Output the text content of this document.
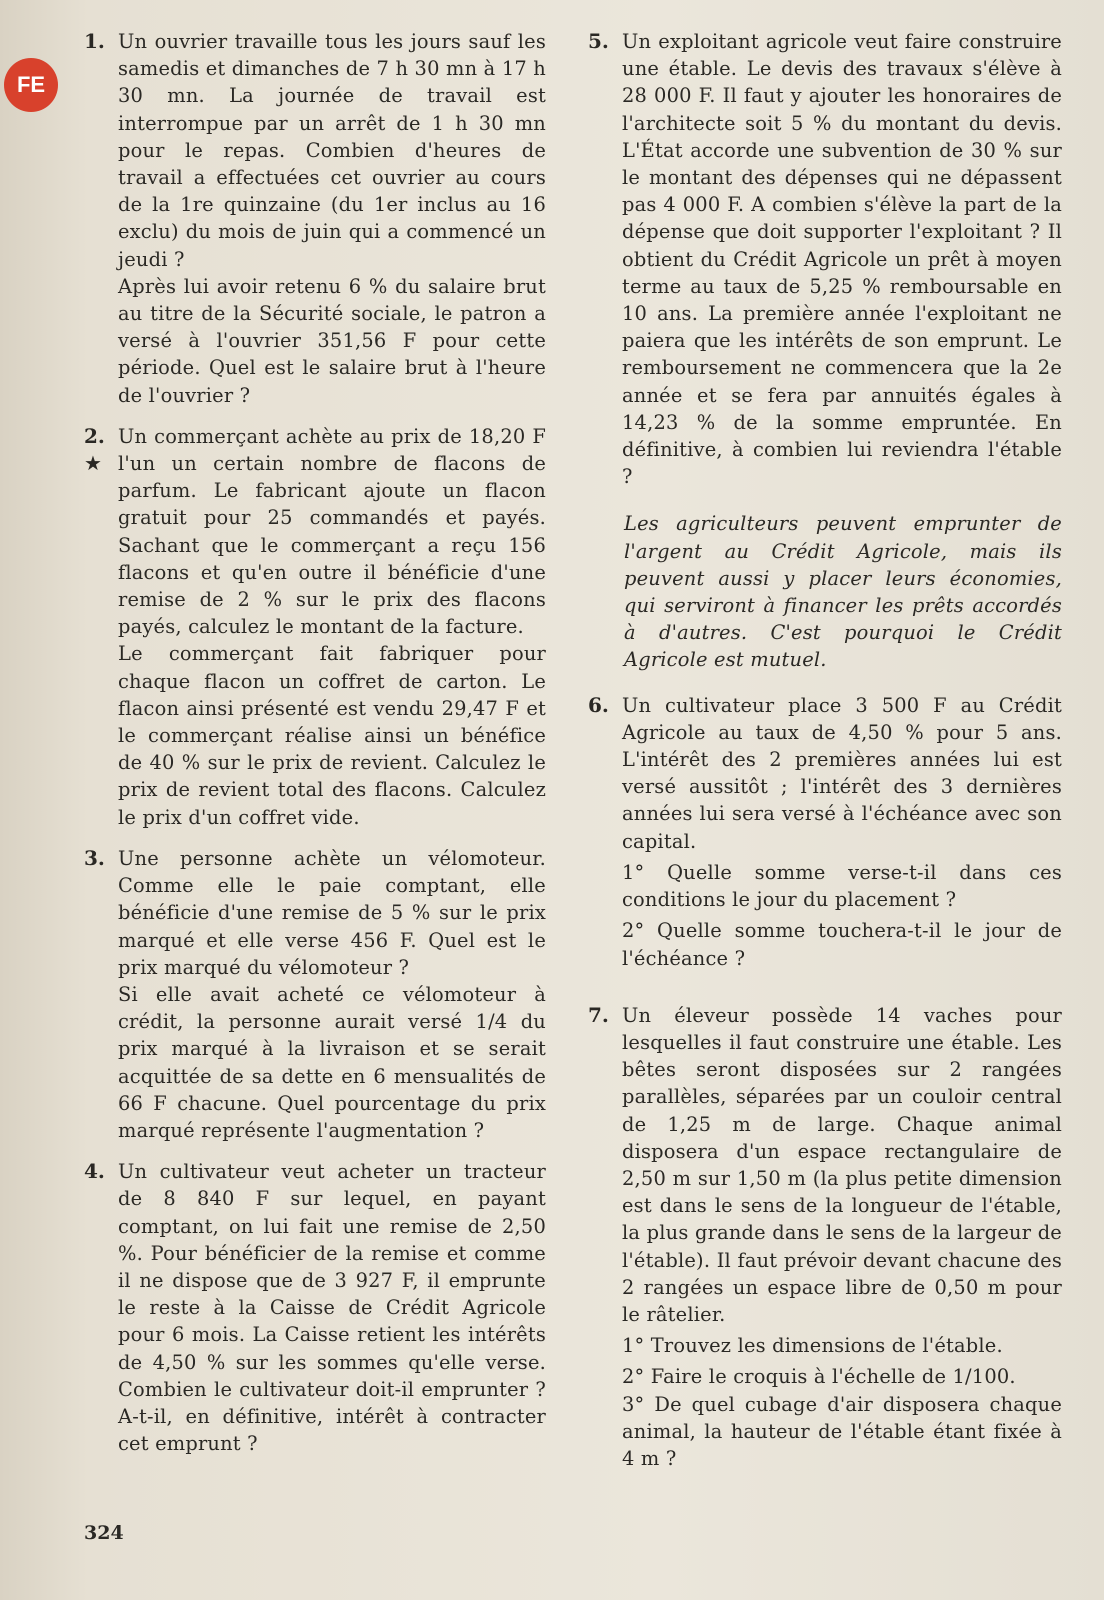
FE
1. Un ouvrier travaille tous les jours sauf les samedis et dimanches de 7 h 30 mn à 17 h 30 mn. La journée de travail est interrompue par un arrêt de 1 h 30 mn pour le repas. Combien d'heures de travail a effectuées cet ouvrier au cours de la 1re quinzaine (du 1er inclus au 16 exclu) du mois de juin qui a commencé un jeudi ?

Après lui avoir retenu 6 % du salaire brut au titre de la Sécurité sociale, le patron a versé à l'ouvrier 351,56 F pour cette période. Quel est le salaire brut à l'heure de l'ouvrier ?

2.
★

Un commerçant achète au prix de 18,20 F l'un un certain nombre de flacons de parfum. Le fabricant ajoute un flacon gratuit pour 25 commandés et payés. Sachant que le commerçant a reçu 156 flacons et qu'en outre il bénéficie d'une remise de 2 % sur le prix des flacons payés, calculez le montant de la facture.

Le commerçant fait fabriquer pour chaque flacon un coffret de carton. Le flacon ainsi présenté est vendu 29,47 F et le commerçant réalise ainsi un bénéfice de 40 % sur le prix de revient. Calculez le prix de revient total des flacons. Calculez le prix d'un coffret vide.

3. Une personne achète un vélomoteur. Comme elle le paie comptant, elle bénéficie d'une remise de 5 % sur le prix marqué et elle verse 456 F. Quel est le prix marqué du vélomoteur ?

Si elle avait acheté ce vélomoteur à crédit, la personne aurait versé 1/4 du prix marqué à la livraison et se serait acquittée de sa dette en 6 mensualités de 66 F chacune. Quel pourcentage du prix marqué représente l'augmentation ?

4. Un cultivateur veut acheter un tracteur de 8 840 F sur lequel, en payant comptant, on lui fait une remise de 2,50 %. Pour bénéficier de la remise et comme il ne dispose que de 3 927 F, il emprunte le reste à la Caisse de Crédit Agricole pour 6 mois. La Caisse retient les intérêts de 4,50 % sur les sommes qu'elle verse. Combien le cultivateur doit-il emprunter ? A-t-il, en définitive, intérêt à contracter cet emprunt ?

5. Un exploitant agricole veut faire construire une étable. Le devis des travaux s'élève à 28 000 F. Il faut y ajouter les honoraires de l'architecte soit 5 % du montant du devis. L'État accorde une subvention de 30 % sur le montant des dépenses qui ne dépassent pas 4 000 F. A combien s'élève la part de la dépense que doit supporter l'exploitant ? Il obtient du Crédit Agricole un prêt à moyen terme au taux de 5,25 % remboursable en 10 ans. La première année l'exploitant ne paiera que les intérêts de son emprunt. Le remboursement ne commencera que la 2e année et se fera par annuités égales à 14,23 % de la somme empruntée. En définitive, à combien lui reviendra l'étable ?

Les agriculteurs peuvent emprunter de l'argent au Crédit Agricole, mais ils peuvent aussi y placer leurs économies, qui serviront à financer les prêts accordés à d'autres. C'est pourquoi le Crédit Agricole est mutuel.

6. Un cultivateur place 3 500 F au Crédit Agricole au taux de 4,50 % pour 5 ans. L'intérêt des 2 premières années lui est versé aussitôt ; l'intérêt des 3 dernières années lui sera versé à l'échéance avec son capital.

1° Quelle somme verse-t-il dans ces conditions le jour du placement ?

2° Quelle somme touchera-t-il le jour de l'échéance ?

7. Un éleveur possède 14 vaches pour lesquelles il faut construire une étable. Les bêtes seront disposées sur 2 rangées parallèles, séparées par un couloir central de 1,25 m de large. Chaque animal disposera d'un espace rectangulaire de 2,50 m sur 1,50 m (la plus petite dimension est dans le sens de la longueur de l'étable, la plus grande dans le sens de la largeur de l'étable). Il faut prévoir devant chacune des 2 rangées un espace libre de 0,50 m pour le râtelier.

1° Trouvez les dimensions de l'étable.

2° Faire le croquis à l'échelle de 1/100.

3° De quel cubage d'air disposera chaque animal, la hauteur de l'étable étant fixée à 4 m ?

324
